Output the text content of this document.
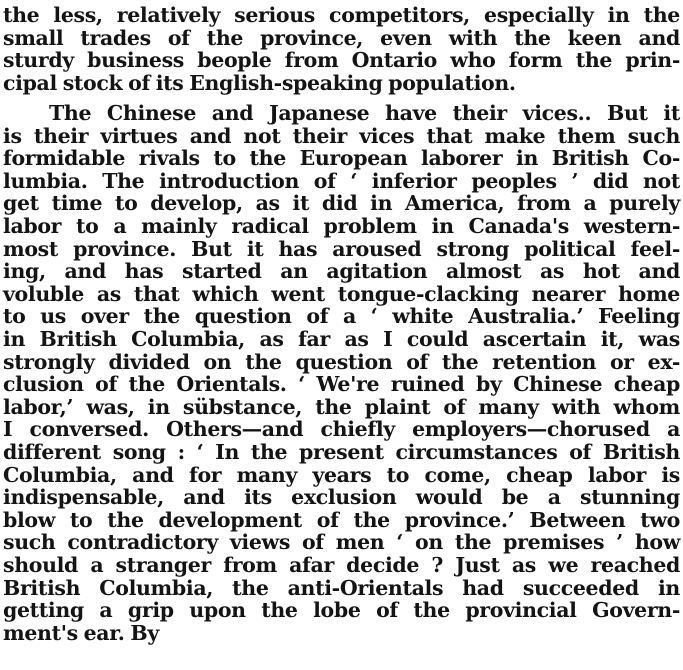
the less, relatively serious competitors, especially in the
small trades of the province, even with the keen and
sturdy business beople from Ontario who form the prin-
cipal stock of its English-speaking population.
The Chinese and Japanese have their vices.. But it
is their virtues and not their vices that make them such
formidable rivals to the European laborer in British Co-
lumbia. The introduction of ‘ inferior peoples ’ did not
get time to develop, as it did in America, from a purely
labor to a mainly radical problem in Canada's western-
most province. But it has aroused strong political feel-
ing, and has started an agitation almost as hot and
voluble as that which went tongue-clacking nearer home
to us over the question of a ‘ white Australia.’ Feeling
in British Columbia, as far as I could ascertain it, was
strongly divided on the question of the retention or ex-
clusion of the Orientals. ‘ We're ruined by Chinese cheap
labor,’ was, in sübstance, the plaint of many with whom
I conversed. Others—and chiefly employers—chorused a
different song : ‘ In the present circumstances of British
Columbia, and for many years to come, cheap labor is
indispensable, and its exclusion would be a stunning
blow to the development of the province.’ Between two
such contradictory views of men ‘ on the premises ’ how
should a stranger from afar decide ? Just as we reached
British Columbia, the anti-Orientals had succeeded in
getting a grip upon the lobe of the provincial Govern-
ment's ear. By
